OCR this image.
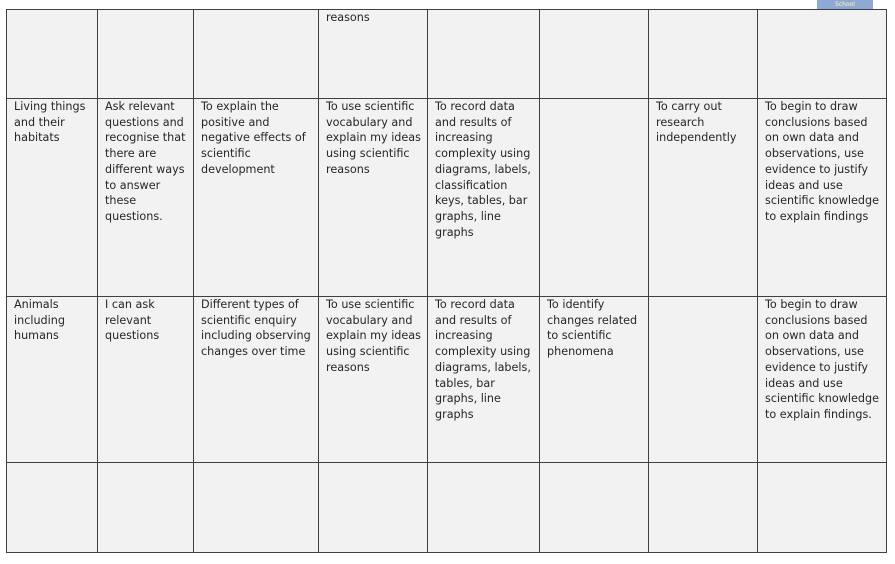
School

			reasons				

Living things and their habitats	Ask relevant questions and recognise that there are different ways to answer these questions.	To explain the positive and negative effects of scientific development	To use scientific vocabulary and explain my ideas using scientific reasons	To record data and results of increasing complexity using diagrams, labels, classification keys, tables, bar graphs, line graphs		To carry out research independently	To begin to draw conclusions based on own data and observations, use evidence to justify ideas and use scientific knowledge to explain findings

Animals including humans	I can ask relevant questions	Different types of scientific enquiry including observing changes over time	To use scientific vocabulary and explain my ideas using scientific reasons	To record data and results of increasing complexity using diagrams, labels, tables, bar graphs, line graphs	To identify changes related to scientific phenomena		To begin to draw conclusions based on own data and observations, use evidence to justify ideas and use scientific knowledge to explain findings.
